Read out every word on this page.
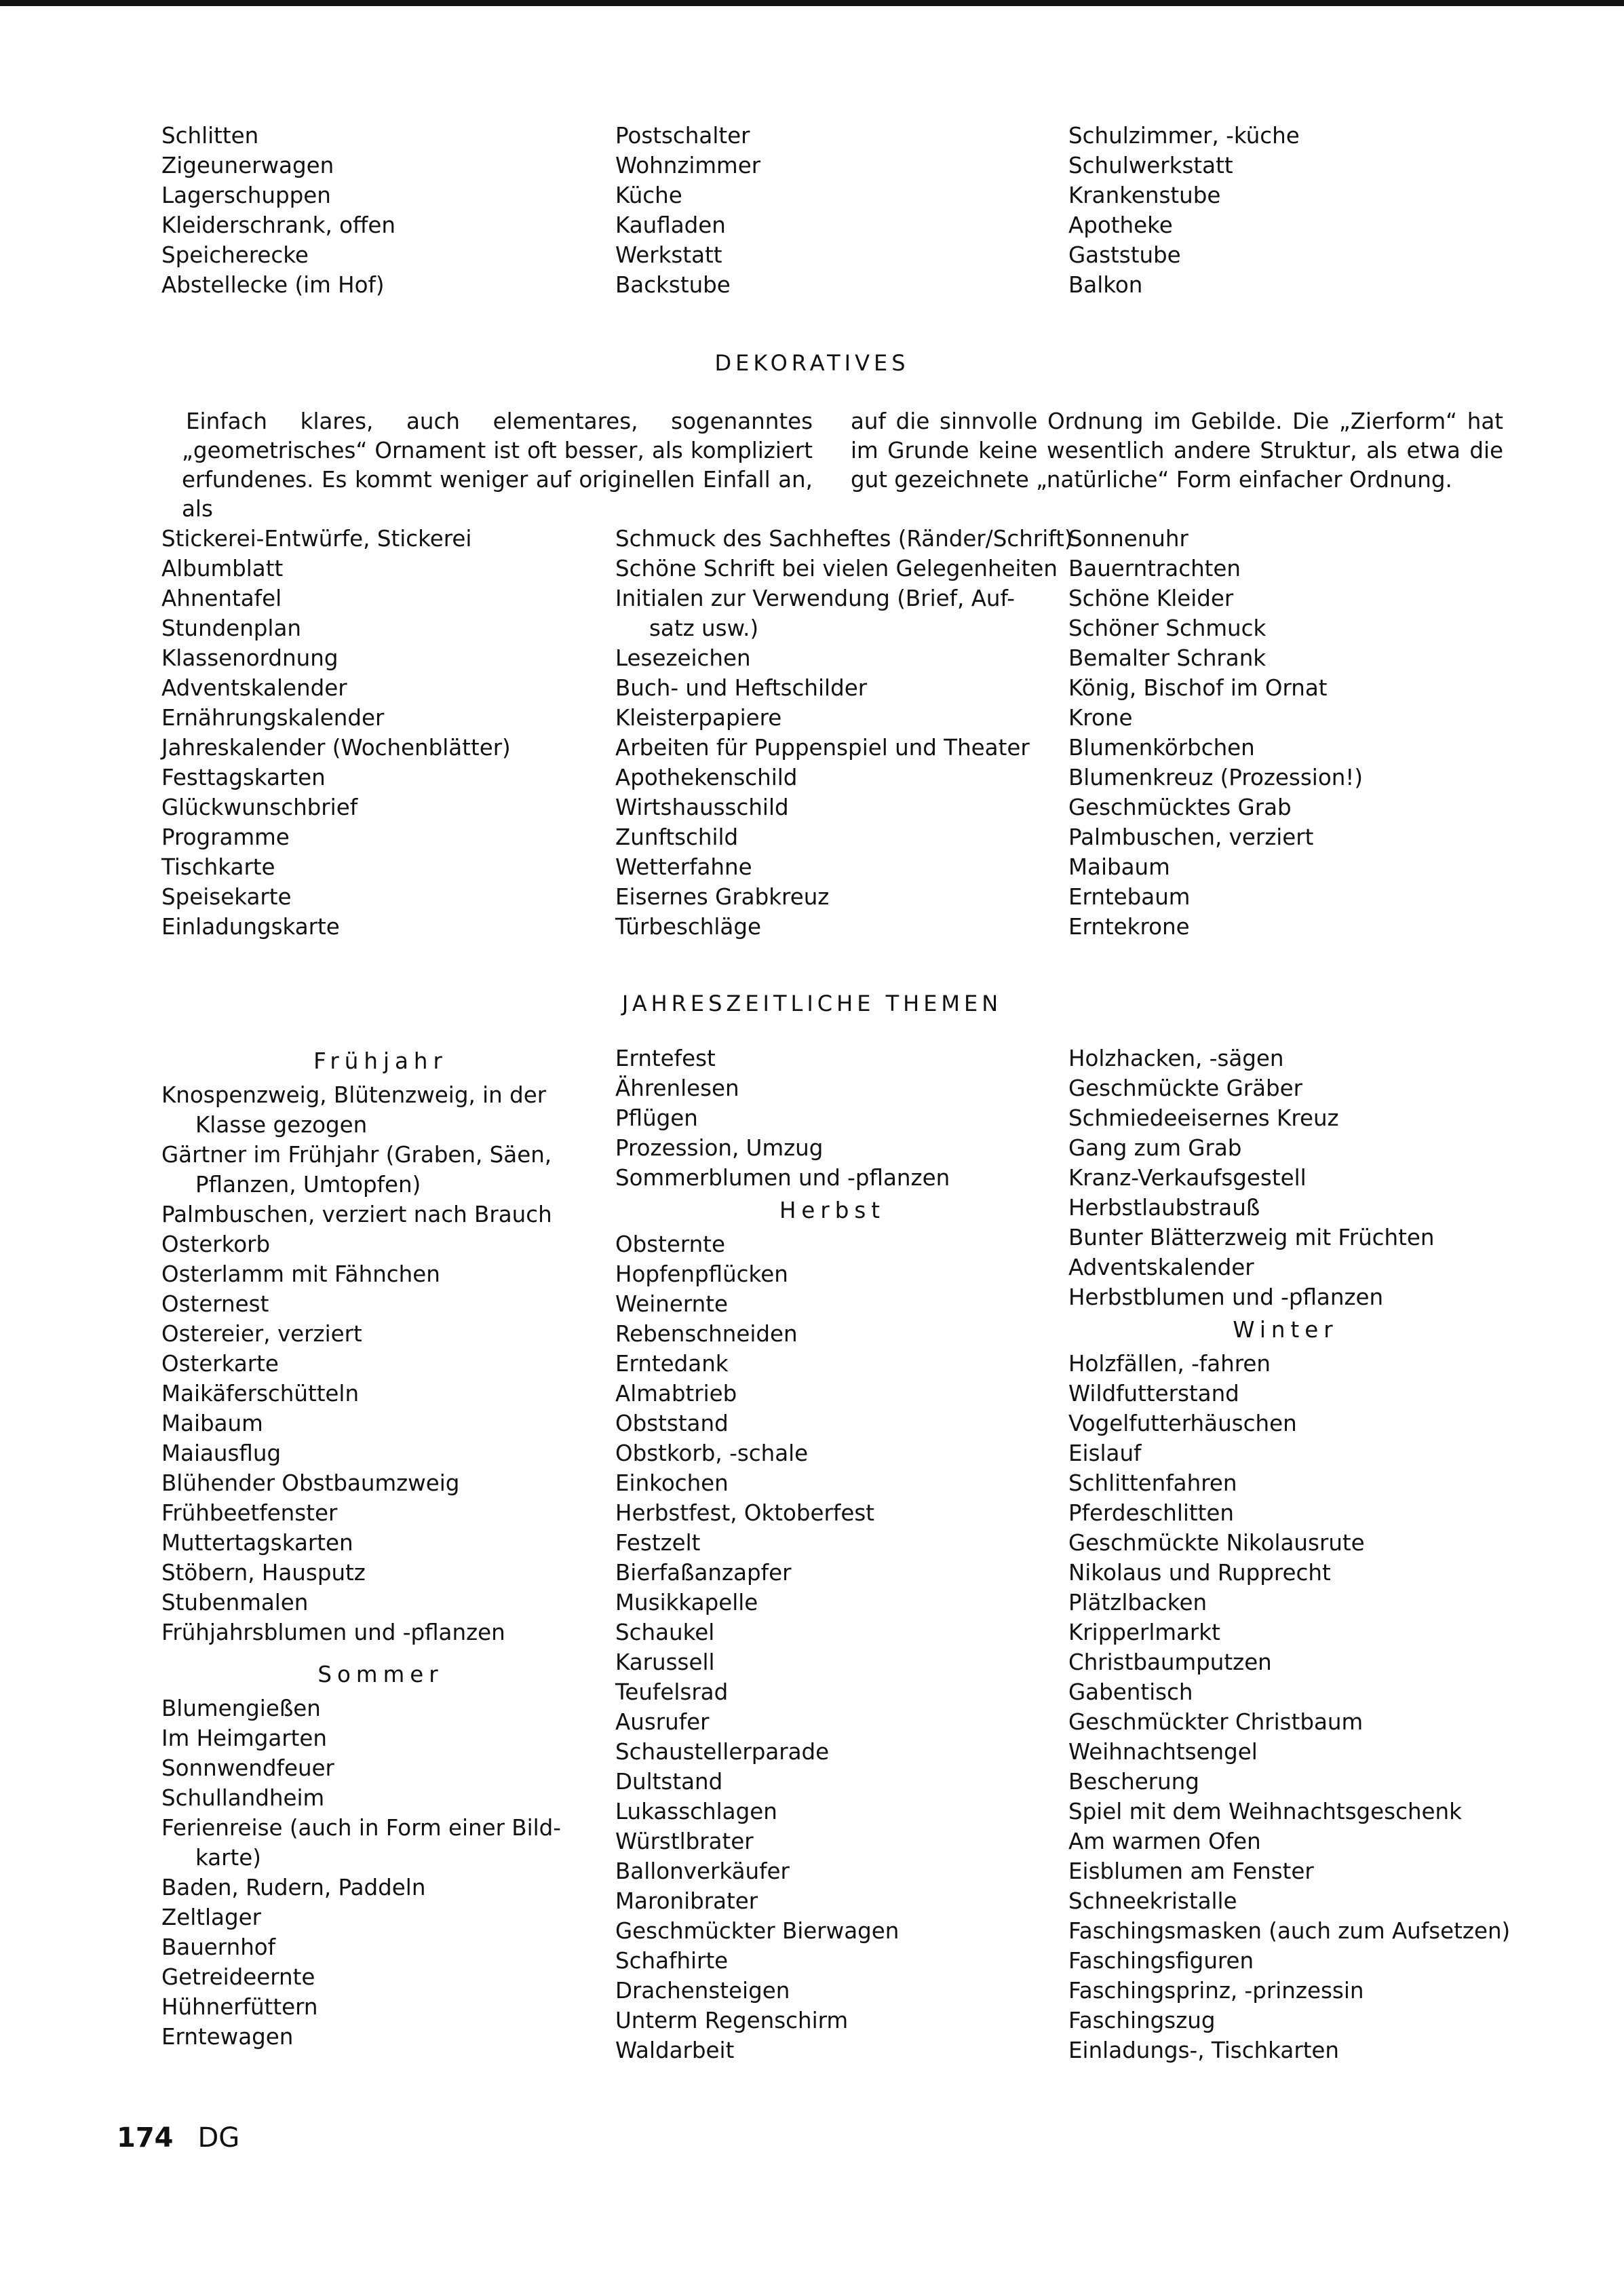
Schlitten
Zigeunerwagen
Lagerschuppen
Kleiderschrank, offen
Speicherecke
Abstellecke (im Hof)
Postschalter
Wohnzimmer
Küche
Kaufladen
Werkstatt
Backstube
Schulzimmer, -küche
Schulwerkstatt
Krankenstube
Apotheke
Gaststube
Balkon
DEKORATIVES
Einfach klares, auch elementares, sogenanntes „geometrisches“ Ornament ist oft besser, als kompliziert erfundenes. Es kommt weniger auf originellen Einfall an, als
auf die sinnvolle Ordnung im Gebilde. Die „Zierform“ hat im Grunde keine wesentlich andere Struktur, als etwa die gut gezeichnete „natürliche“ Form einfacher Ordnung.
Stickerei-Entwürfe, Stickerei
Albumblatt
Ahnentafel
Stundenplan
Klassenordnung
Adventskalender
Ernährungskalender
Jahreskalender (Wochenblätter)
Festtagskarten
Glückwunschbrief
Programme
Tischkarte
Speisekarte
Einladungskarte
Schmuck des Sachheftes (Ränder/Schrift)
Schöne Schrift bei vielen Gelegenheiten
Initialen zur Verwendung (Brief, Auf-
satz usw.)
Lesezeichen
Buch- und Heftschilder
Kleisterpapiere
Arbeiten für Puppenspiel und Theater
Apothekenschild
Wirtshausschild
Zunftschild
Wetterfahne
Eisernes Grabkreuz
Türbeschläge
Sonnenuhr
Bauerntrachten
Schöne Kleider
Schöner Schmuck
Bemalter Schrank
König, Bischof im Ornat
Krone
Blumenkörbchen
Blumenkreuz (Prozession!)
Geschmücktes Grab
Palmbuschen, verziert
Maibaum
Erntebaum
Erntekrone
JAHRESZEITLICHE THEMEN
Frühjahr
Knospenzweig, Blütenzweig, in der
Klasse gezogen
Gärtner im Frühjahr (Graben, Säen,
Pflanzen, Umtopfen)
Palmbuschen, verziert nach Brauch
Osterkorb
Osterlamm mit Fähnchen
Osternest
Ostereier, verziert
Osterkarte
Maikäferschütteln
Maibaum
Maiausflug
Blühender Obstbaumzweig
Frühbeetfenster
Muttertagskarten
Stöbern, Hausputz
Stubenmalen
Frühjahrsblumen und -pflanzen
Sommer
Blumengießen
Im Heimgarten
Sonnwendfeuer
Schullandheim
Ferienreise (auch in Form einer Bild-
karte)
Baden, Rudern, Paddeln
Zeltlager
Bauernhof
Getreideernte
Hühnerfüttern
Erntewagen
Erntefest
Ährenlesen
Pflügen
Prozession, Umzug
Sommerblumen und -pflanzen
Herbst
Obsternte
Hopfenpflücken
Weinernte
Rebenschneiden
Erntedank
Almabtrieb
Obststand
Obstkorb, -schale
Einkochen
Herbstfest, Oktoberfest
Festzelt
Bierfaßanzapfer
Musikkapelle
Schaukel
Karussell
Teufelsrad
Ausrufer
Schaustellerparade
Dultstand
Lukasschlagen
Würstlbrater
Ballonverkäufer
Maronibrater
Geschmückter Bierwagen
Schafhirte
Drachensteigen
Unterm Regenschirm
Waldarbeit
Holzhacken, -sägen
Geschmückte Gräber
Schmiedeeisernes Kreuz
Gang zum Grab
Kranz-Verkaufsgestell
Herbstlaubstrauß
Bunter Blätterzweig mit Früchten
Adventskalender
Herbstblumen und -pflanzen
Winter
Holzfällen, -fahren
Wildfutterstand
Vogelfutterhäuschen
Eislauf
Schlittenfahren
Pferdeschlitten
Geschmückte Nikolausrute
Nikolaus und Rupprecht
Plätzlbacken
Kripperlmarkt
Christbaumputzen
Gabentisch
Geschmückter Christbaum
Weihnachtsengel
Bescherung
Spiel mit dem Weihnachtsgeschenk
Am warmen Ofen
Eisblumen am Fenster
Schneekristalle
Faschingsmasken (auch zum Aufsetzen)
Faschingsfiguren
Faschingsprinz, -prinzessin
Faschingszug
Einladungs-, Tischkarten
174 DG
